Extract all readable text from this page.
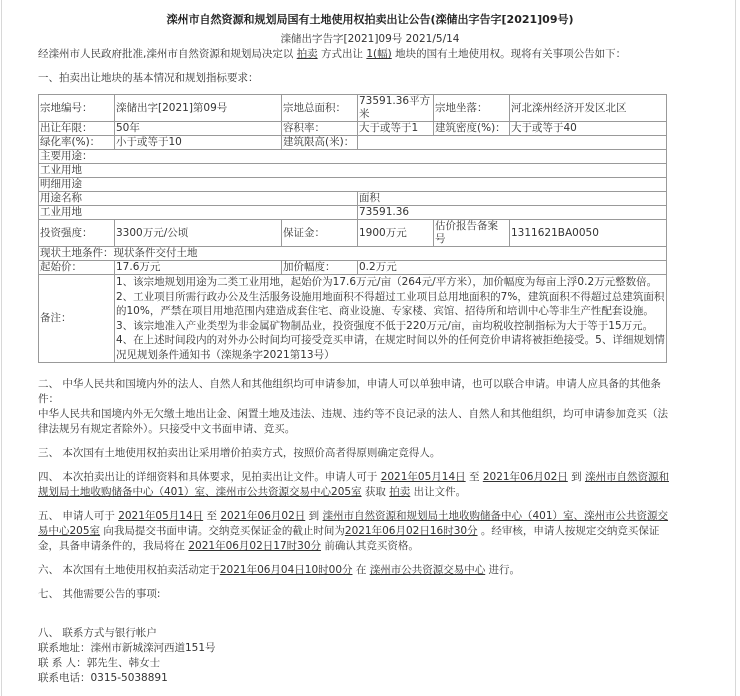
滦州市自然资源和规划局国有土地使用权拍卖出让公告(滦储出字告字[2021]09号)
滦储出字告字[2021]09号 2021/5/14
经滦州市人民政府批准,滦州市自然资源和规划局决定以 拍卖 方式出让 1(幅) 地块的国有土地使用权。现将有关事项公告如下：
一、拍卖出让地块的基本情况和规划指标要求：
宗地编号：	滦储出字[2021]第09号	宗地总面积：	73591.36平方米	宗地坐落：	河北滦州经济开发区北区
出让年限：	50年	容积率：	大于或等于1	建筑密度(%)：	大于或等于40
绿化率(%)：	小于或等于10	建筑限高(米)：			
主要用途：					
工业用地					
明细用途					
用途名称			面积		
工业用地			73591.36		
投资强度：	3300万元/公顷	保证金：	1900万元	估价报告备案号	1311621BA0050
现状土地条件：现状条件交付土地					
起始价：	17.6万元	加价幅度：	0.2万元		
备注：	1、该宗地规划用途为二类工业用地，起始价为17.6万元/亩（264元/平方米），加价幅度为每亩上浮0.2万元整数倍。2、工业项目所需行政办公及生活服务设施用地面积不得超过工业项目总用地面积的7%，建筑面积不得超过总建筑面积的10%，严禁在项目用地范围内建造成套住宅、商业设施、专家楼、宾馆、招待所和培训中心等非生产性配套设施。3、该宗地准入产业类型为非金属矿物制品业，投资强度不低于220万元/亩，亩均税收控制指标为大于等于15万元。4、在上述时间段内的对外办公时间均可接受竞买申请，在规定时间以外的任何竞价申请将被拒绝接受。5、详细规划情况见规划条件通知书（滦规条字2021第13号）				
二、 中华人民共和国境内外的法人、自然人和其他组织均可申请参加，申请人可以单独申请，也可以联合申请。申请人应具备的其他条件：
中华人民共和国境内外无欠缴土地出让金、闲置土地及违法、违规、违约等不良记录的法人、自然人和其他组织，均可申请参加竞买（法律法规另有规定者除外）。只接受中文书面申请、竞买。
三、 本次国有土地使用权拍卖出让采用增价拍卖方式，按照价高者得原则确定竞得人。
四、 本次拍卖出让的详细资料和具体要求，见拍卖出让文件。申请人可于 2021年05月14日 至 2021年06月02日 到 滦州市自然资源和规划局土地收购储备中心（401）室、滦州市公共资源交易中心205室 获取 拍卖 出让文件。
五、 申请人可于 2021年05月14日 至 2021年06月02日 到 滦州市自然资源和规划局土地收购储备中心（401）室、滦州市公共资源交易中心205室 向我局提交书面申请。交纳竞买保证金的截止时间为2021年06月02日16时30分 。经审核，申请人按规定交纳竞买保证金，具备申请条件的，我局将在 2021年06月02日17时30分 前确认其竞买资格。
六、 本次国有土地使用权拍卖活动定于2021年06月04日10时00分 在 滦州市公共资源交易中心 进行。
七、 其他需要公告的事项:
八、 联系方式与银行帐户
联系地址：滦州市新城滦河西道151号
联 系 人：郭先生、韩女士
联系电话：0315-5038891
